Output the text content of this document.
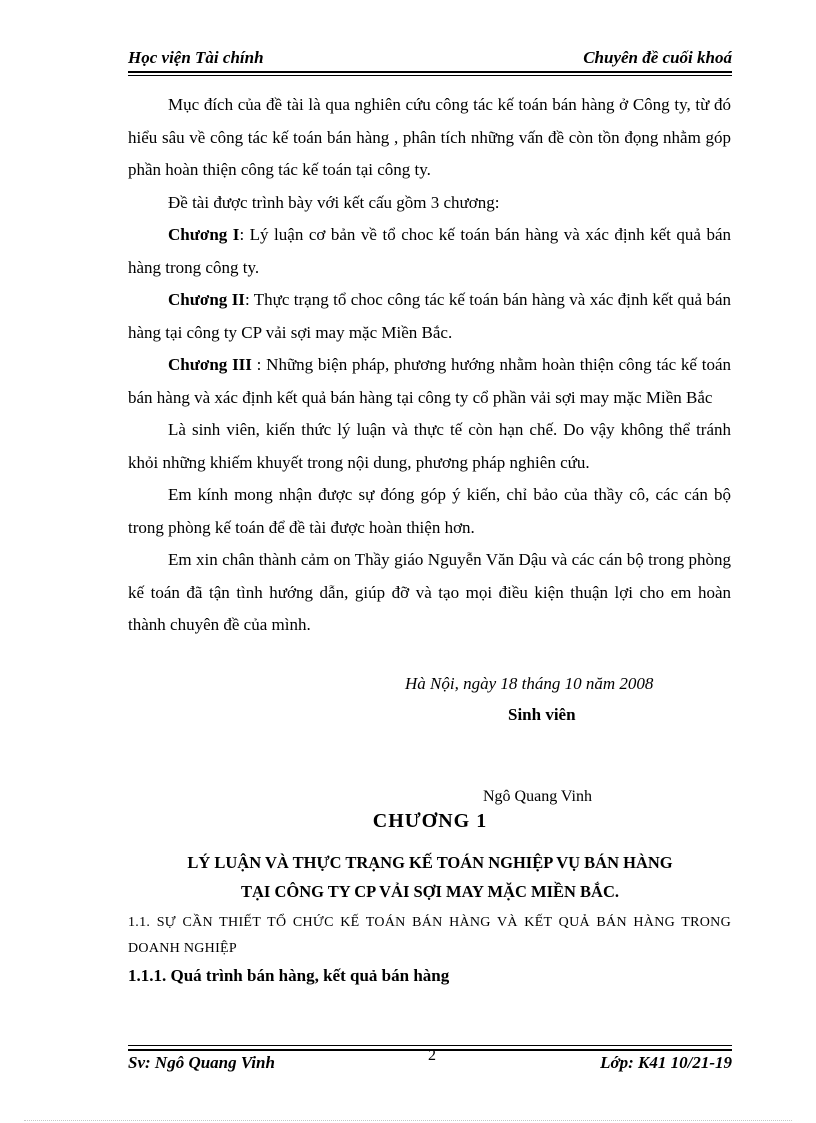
Học viện Tài chính	Chuyên đề cuối khoá

Mục đích của đề tài là qua nghiên cứu công tác kế toán bán hàng ở Công ty, từ đó hiểu sâu về công tác kế toán bán hàng , phân tích những vấn đề còn tồn đọng nhằm góp phần hoàn thiện công tác kế toán tại công ty.

Đề tài được trình bày với kết cấu gồm 3 chương:

Chương I: Lý luận cơ bản về tổ choc kế toán bán hàng và xác định kết quả bán hàng trong công ty.

Chương II: Thực trạng tổ choc công tác kế toán bán hàng và xác định kết quả bán hàng tại công ty CP vải sợi may mặc Miền Bắc.

Chương III : Những biện pháp, phương hướng nhằm hoàn thiện công tác kế toán bán hàng và xác định kết quả bán hàng tại công ty cổ phần vải sợi may mặc Miền Bắc

Là sinh viên, kiến thức lý luận và thực tế còn hạn chế. Do vậy không thể tránh khỏi những khiếm khuyết trong nội dung, phương pháp nghiên cứu.

Em kính mong nhận được sự đóng góp ý kiến, chỉ bảo của thầy cô, các cán bộ trong phòng kế toán để đề tài được hoàn thiện hơn.

Em xin chân thành cảm on Thầy giáo Nguyễn Văn Dậu và các cán bộ trong phòng kế toán đã tận tình hướng dẫn, giúp đỡ và tạo mọi điều kiện thuận lợi cho em hoàn thành chuyên đề của mình.

Hà Nội, ngày 18 tháng 10 năm 2008
Sinh viên
Ngô Quang Vinh
CHƯƠNG 1
LÝ LUẬN VÀ THỰC TRẠNG KẾ TOÁN NGHIỆP VỤ BÁN HÀNG
TẠI CÔNG TY CP VẢI SỢI MAY MẶC MIỀN BẮC.
1.1. SỰ CẦN THIẾT TỔ CHỨC KẾ TOÁN BÁN HÀNG VÀ KẾT QUẢ BÁN HÀNG TRONG DOANH NGHIỆP
1.1.1. Quá trình bán hàng, kết quả bán hàng
2
Sv: Ngô Quang Vinh	Lớp: K41 10/21-19
